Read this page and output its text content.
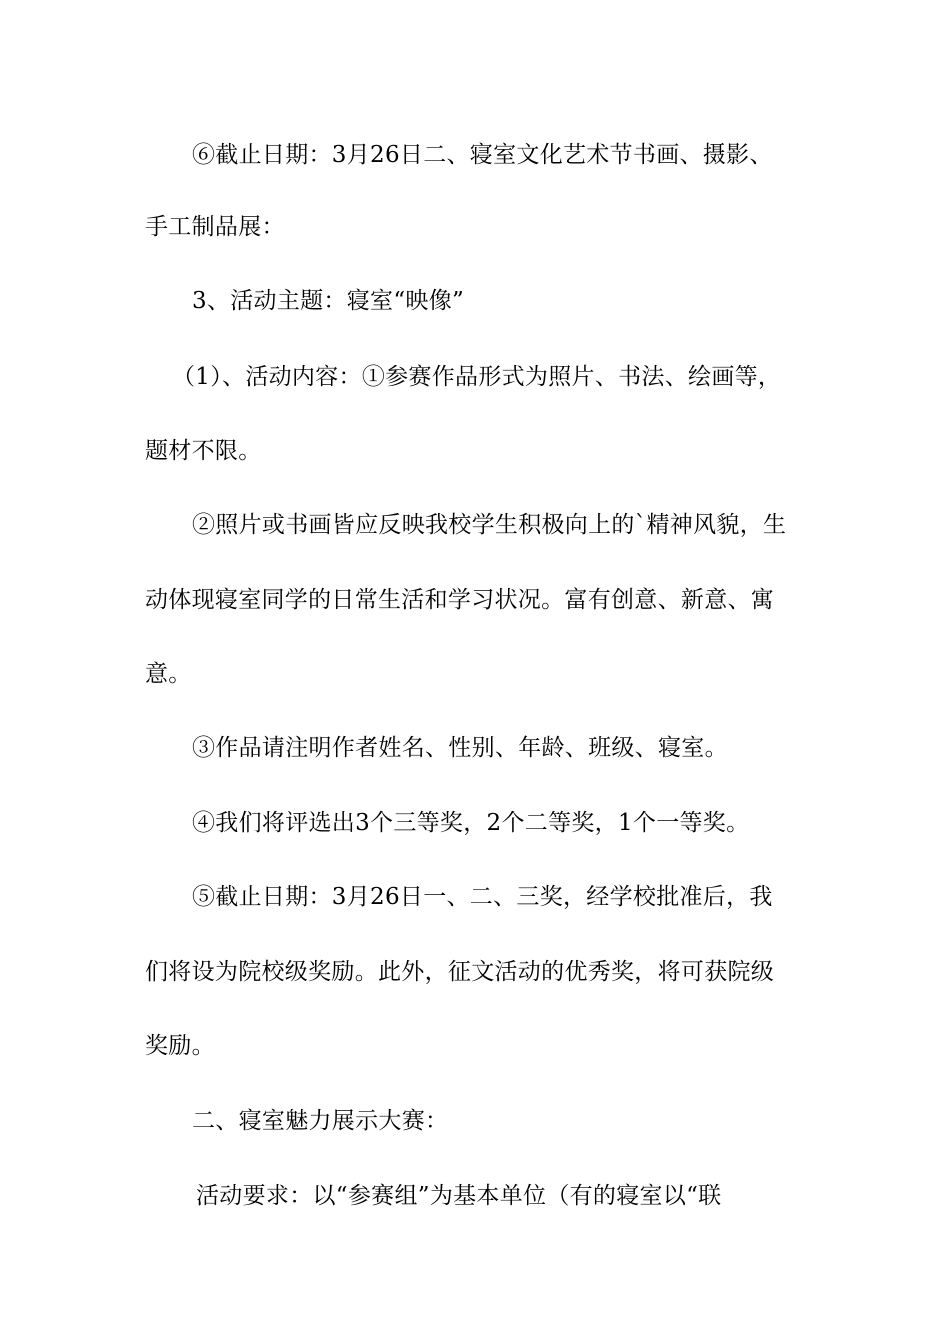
⑥截止日期：3月26日二、寝室文化艺术节书画、摄影、
手工制品展：
3、活动主题：寝室“映像”
（1）、活动内容：①参赛作品形式为照片、书法、绘画等，
题材不限。
②照片或书画皆应反映我校学生积极向上的`精神风貌，生
动体现寝室同学的日常生活和学习状况。富有创意、新意、寓
意。
③作品请注明作者姓名、性别、年龄、班级、寝室。
④我们将评选出3个三等奖，2个二等奖，1个一等奖。
⑤截止日期：3月26日一、二、三奖，经学校批准后，我
们将设为院校级奖励。此外，征文活动的优秀奖，将可获院级
奖励。
二、寝室魅力展示大赛：
活动要求：以“参赛组”为基本单位（有的寝室以“联
